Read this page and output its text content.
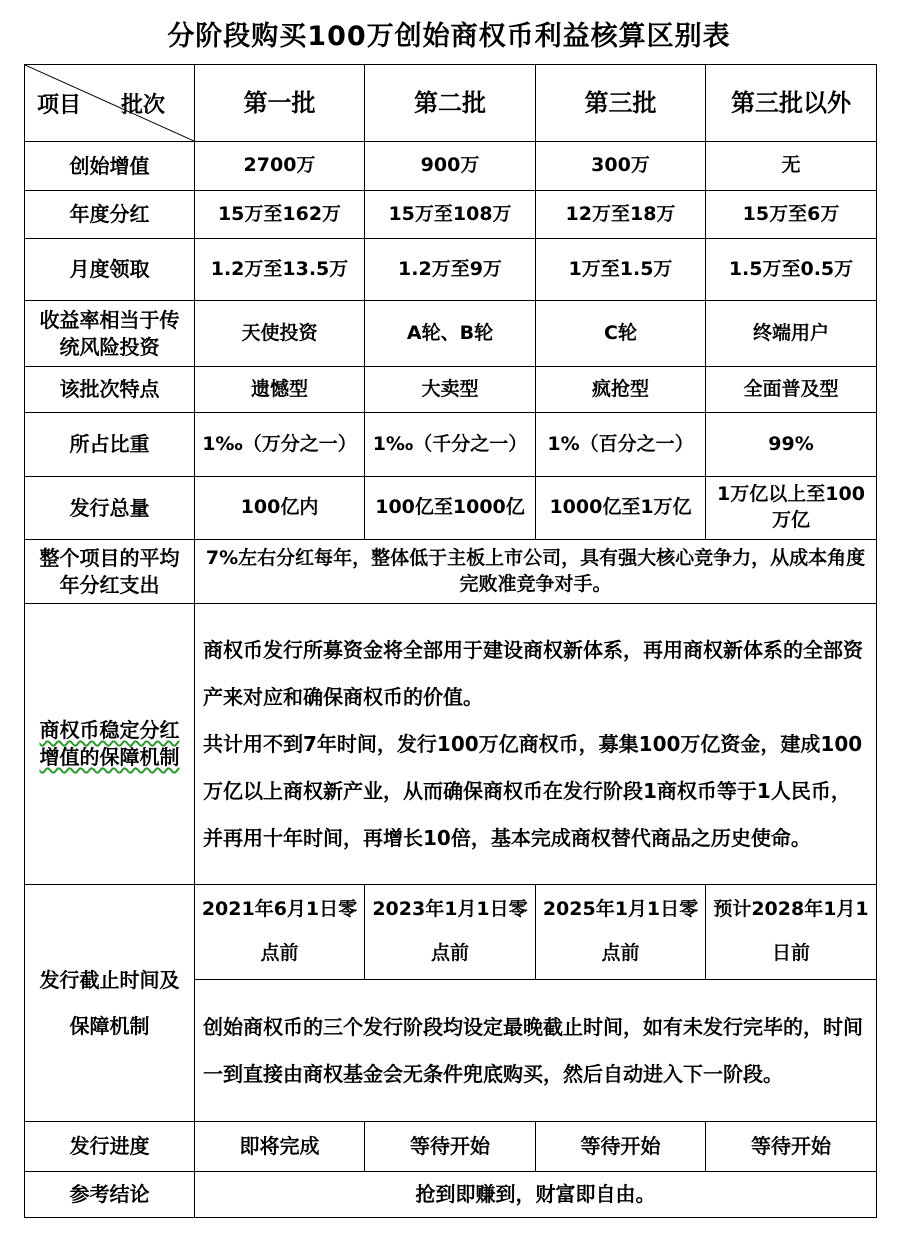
分阶段购买100万创始商权币利益核算区别表
项目 批次	第一批	第二批	第三批	第三批以外
创始增值	2700万	900万	300万	无
年度分红	15万至162万	15万至108万	12万至18万	15万至6万
月度领取	1.2万至13.5万	1.2万至9万	1万至1.5万	1.5万至0.5万
收益率相当于传统风险投资	天使投资	A轮、B轮	C轮	终端用户
该批次特点	遗憾型	大卖型	疯抢型	全面普及型
所占比重	1‰（万分之一）	1‰（千分之一）	1%（百分之一）	99%
发行总量	100亿内	100亿至1000亿	1000亿至1万亿	1万亿以上至100万亿
整个项目的平均年分红支出	7%左右分红每年，整体低于主板上市公司，具有强大核心竞争力，从成本角度完败准竞争对手。			
商权币稳定分红增值的保障机制	商权币发行所募资金将全部用于建设商权新体系，再用商权新体系的全部资产来对应和确保商权币的价值。

共计用不到7年时间，发行100万亿商权币，募集100万亿资金，建成100万亿以上商权新产业，从而确保商权币在发行阶段1商权币等于1人民币，并再用十年时间，再增长10倍，基本完成商权替代商品之历史使命。			

发行截止时间及保障机制	2021年6月1日零点前	2023年1月1日零点前	2025年1月1日零点前	预计2028年1月1日前
	创始商权币的三个发行阶段均设定最晚截止时间，如有未发行完毕的，时间一到直接由商权基金会无条件兜底购买，然后自动进入下一阶段。			
发行进度	即将完成	等待开始	等待开始	等待开始
参考结论	抢到即赚到，财富即自由。			
